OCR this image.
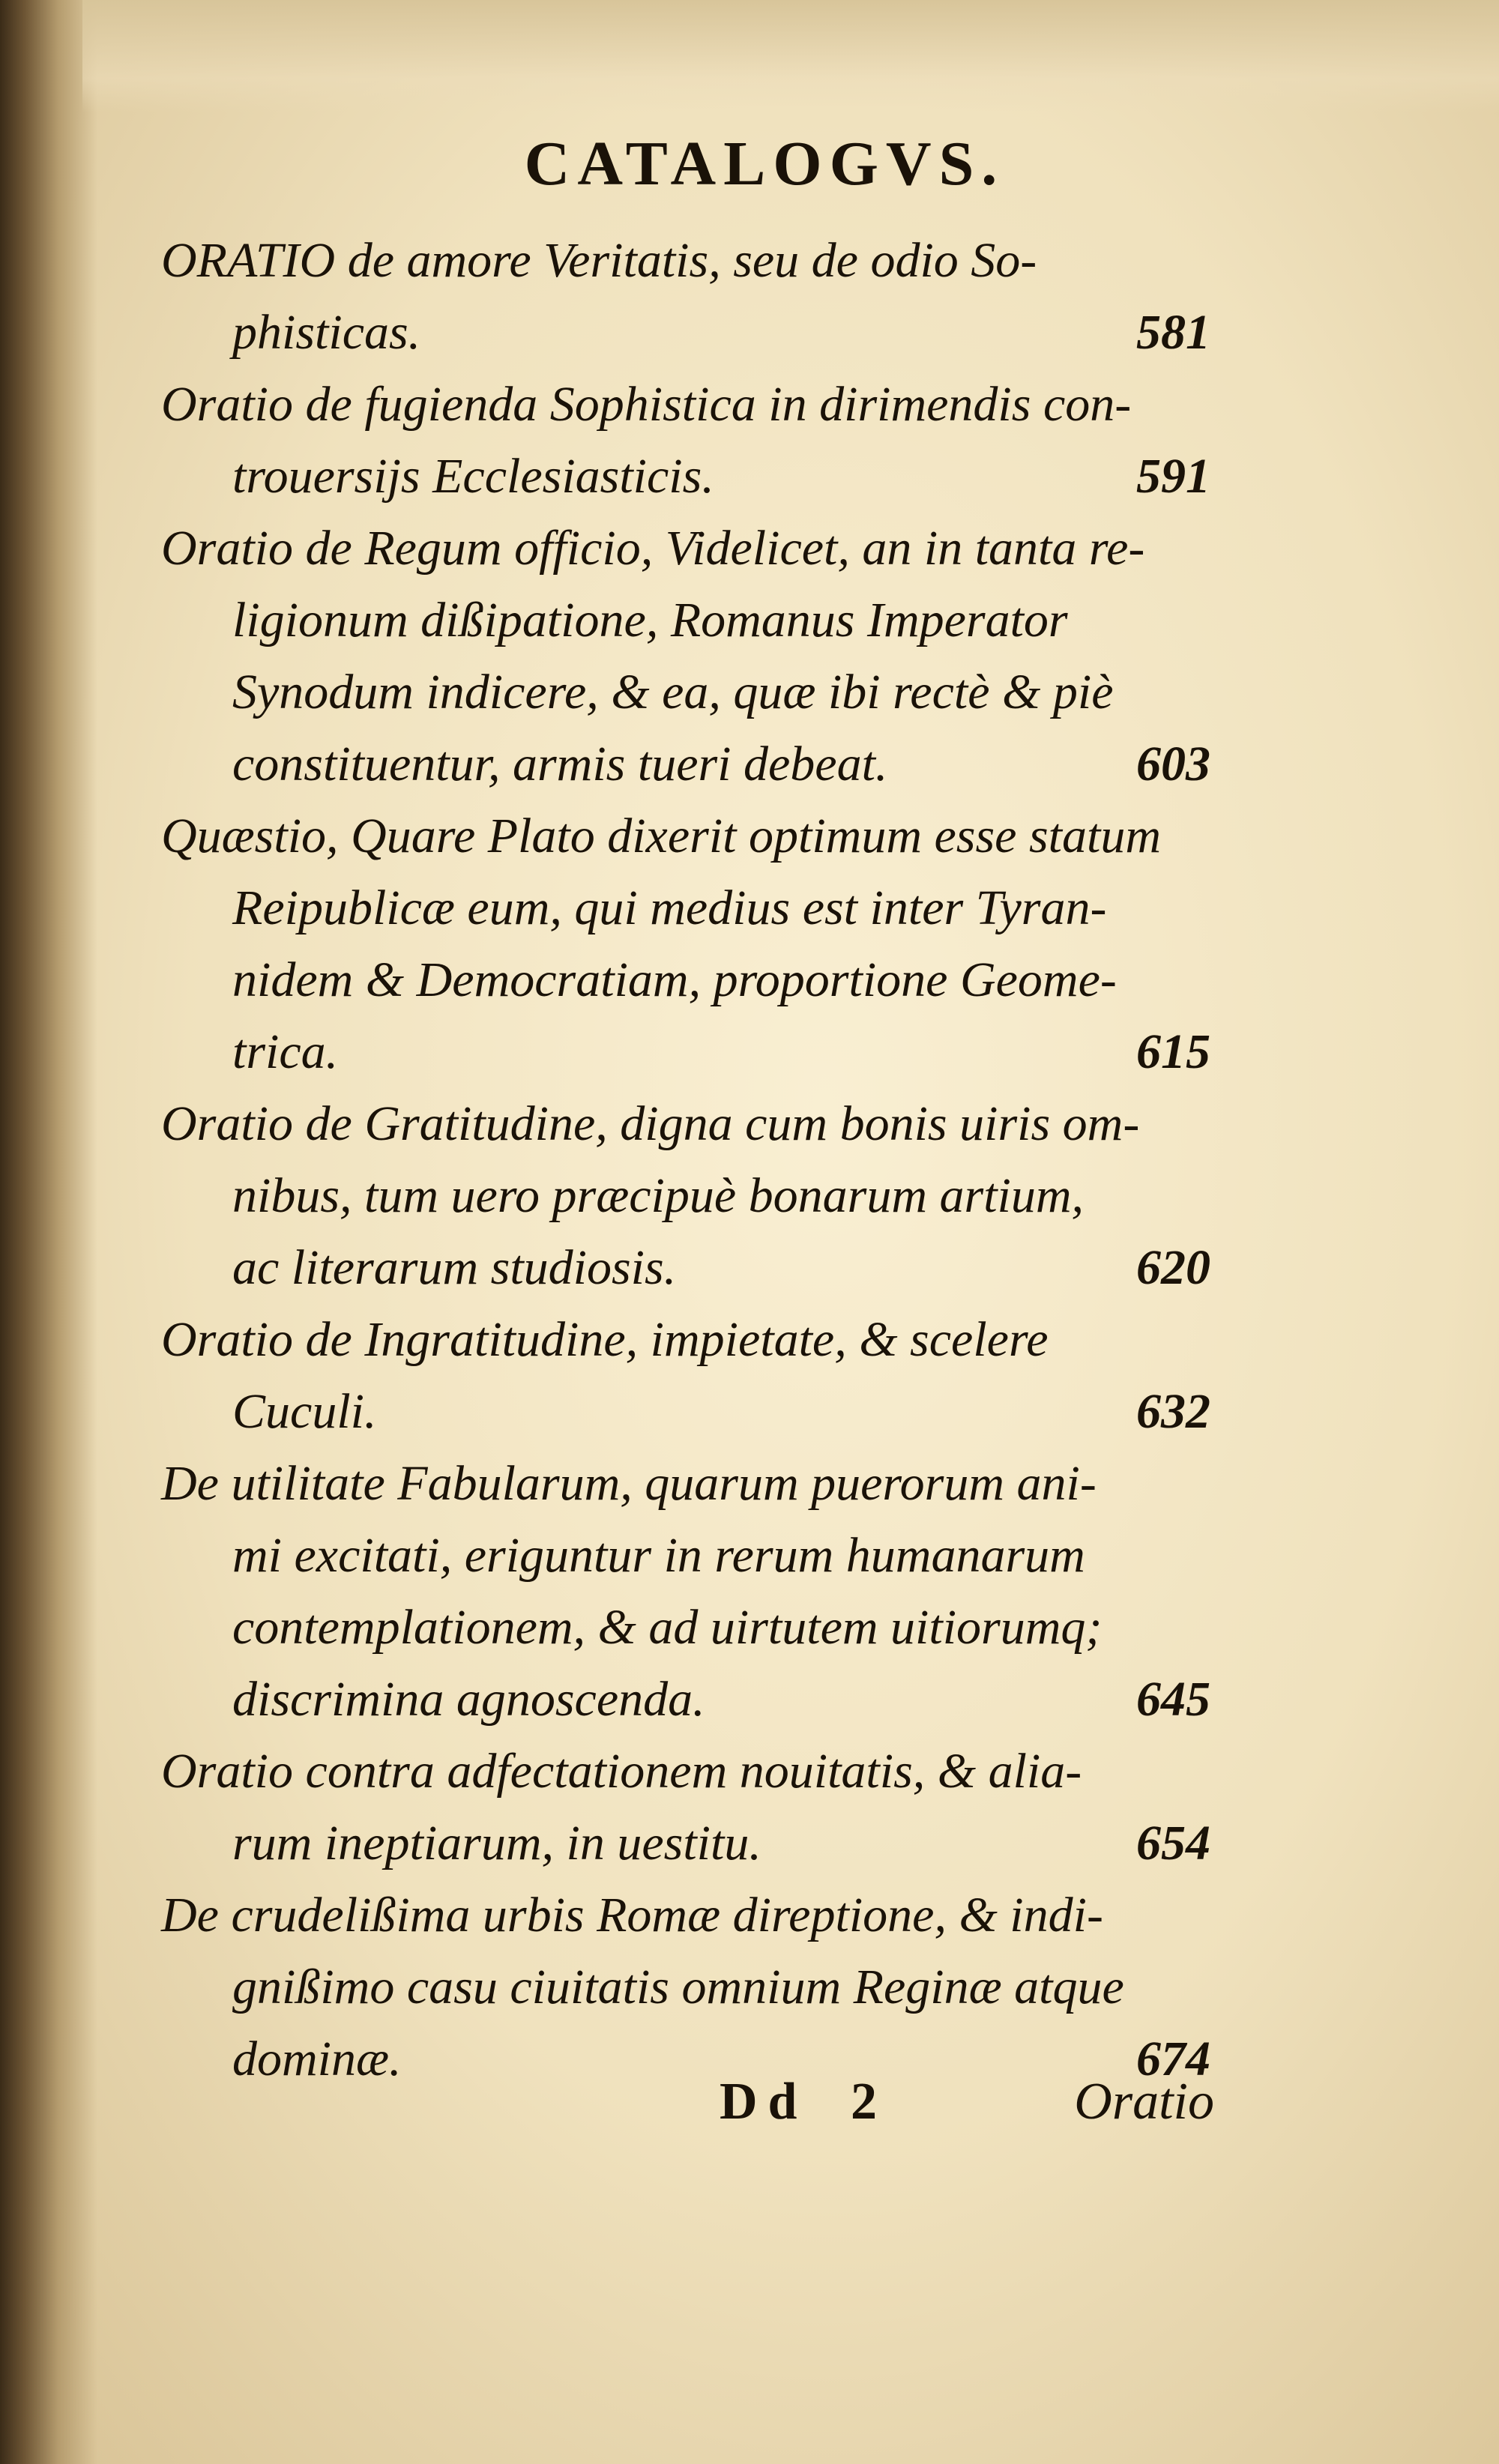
CATALOGVS.
ORATIO de amore Veritatis, seu de odio So-
phisticas.	581
Oratio de fugienda Sophistica in dirimendis con-
trouersijs Ecclesiasticis.	591
Oratio de Regum officio, Videlicet, an in tanta re-
ligionum dißipatione, Romanus Imperator
Synodum indicere, & ea, quæ ibi rectè & piè
constituentur, armis tueri debeat.	603
Quæstio, Quare Plato dixerit optimum esse statum
Reipublicæ eum, qui medius est inter Tyran-
nidem & Democratiam, proportione Geome-
trica.	615
Oratio de Gratitudine, digna cum bonis uiris om-
nibus, tum uero præcipuè bonarum artium,
ac literarum studiosis.	620
Oratio de Ingratitudine, impietate, & scelere
Cuculi.	632
De utilitate Fabularum, quarum puerorum ani-
mi excitati, eriguntur in rerum humanarum
contemplationem, & ad uirtutem uitiorumq;
discrimina agnoscenda.	645
Oratio contra adfectationem nouitatis, & alia-
rum ineptiarum, in uestitu.	654
De crudelißima urbis Romæ direptione, & indi-
gnißimo casu ciuitatis omnium Reginæ atque
dominæ.	674
Dd 2	Oratio
